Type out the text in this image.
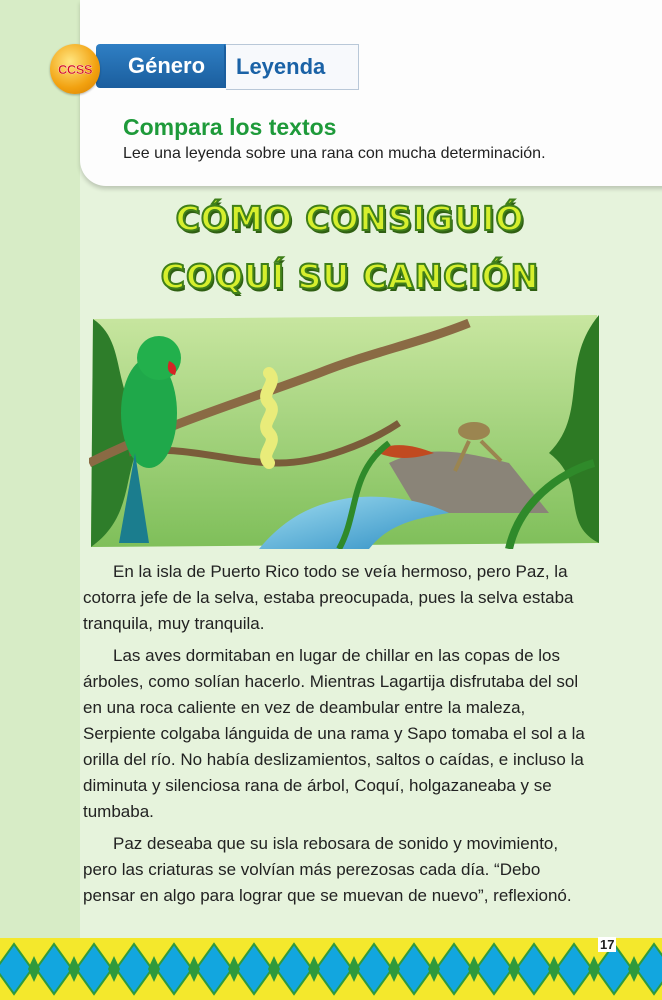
Género Leyenda
CCSS
Compara los textos
Lee una leyenda sobre una rana con mucha determinación.
CÓMO CONSIGUIÓ
COQUÍ SU CANCIÓN

En la isla de Puerto Rico todo se veía hermoso, pero Paz, la cotorra jefe de la selva, estaba preocupada, pues la selva estaba tranquila, muy tranquila.

Las aves dormitaban en lugar de chillar en las copas de los árboles, como solían hacerlo. Mientras Lagartija disfrutaba del sol en una roca caliente en vez de deambular entre la maleza, Serpiente colgaba lánguida de una rama y Sapo tomaba el sol a la orilla del río. No había deslizamientos, saltos o caídas, e incluso la diminuta y silenciosa rana de árbol, Coquí, holgazaneaba y se tumbaba.

Paz deseaba que su isla rebosara de sonido y movimiento, pero las criaturas se volvían más perezosas cada día. “Debo pensar en algo para lograr que se muevan de nuevo”, reflexionó.

17
